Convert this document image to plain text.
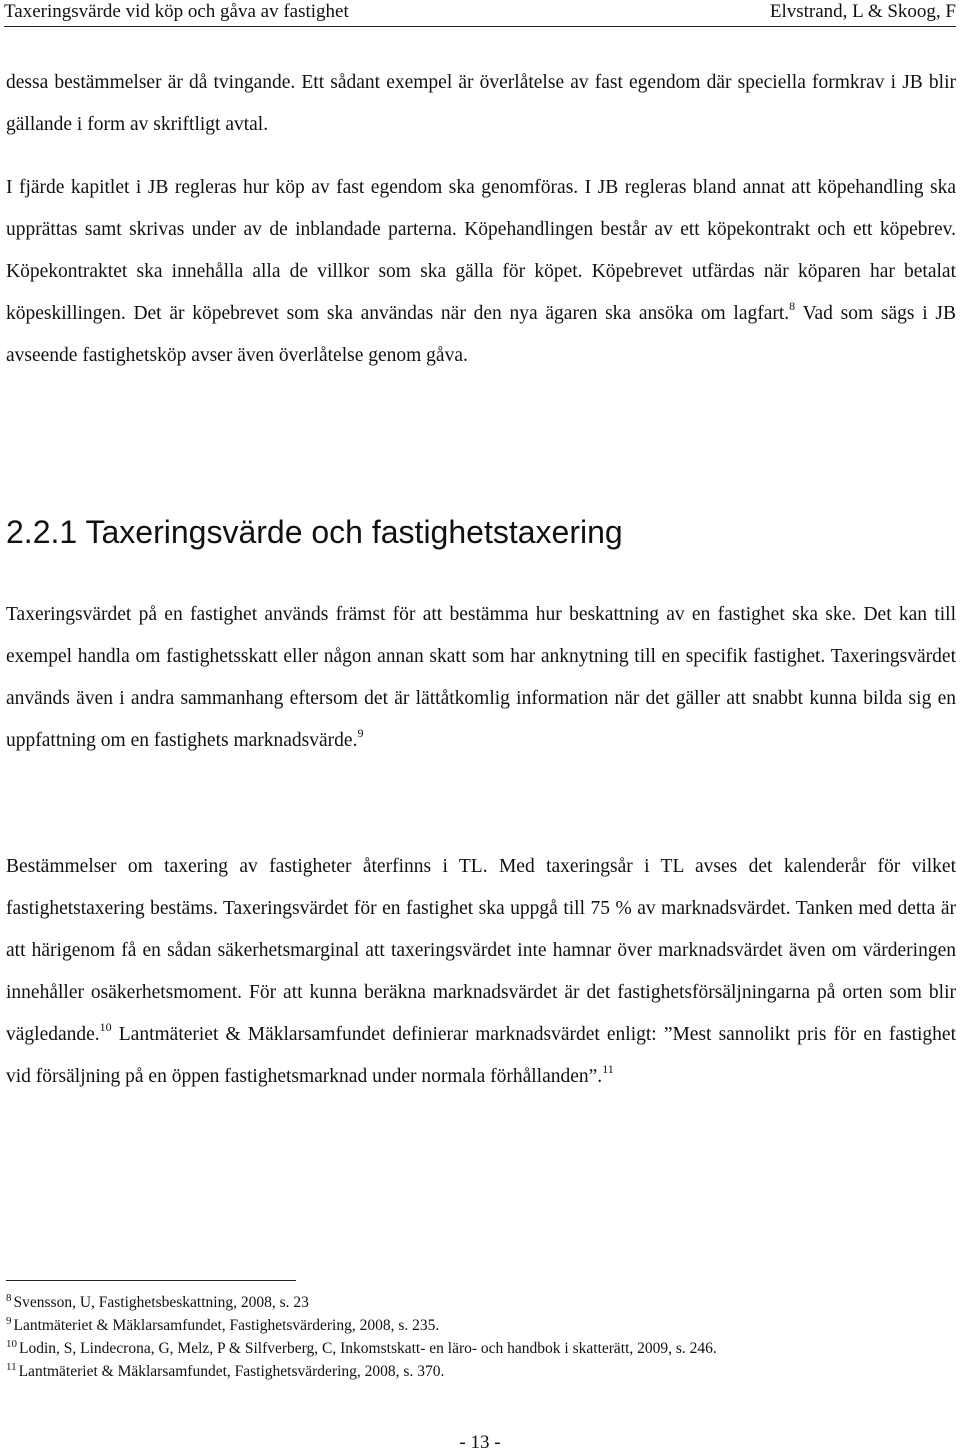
Taxeringsvärde vid köp och gåva av fastighet	Elvstrand, L & Skoog, F

dessa bestämmelser är då tvingande. Ett sådant exempel är överlåtelse av fast egendom där speciella formkrav i JB blir gällande i form av skriftligt avtal.

I fjärde kapitlet i JB regleras hur köp av fast egendom ska genomföras. I JB regleras bland annat att köpehandling ska upprättas samt skrivas under av de inblandade parterna. Köpehandlingen består av ett köpekontrakt och ett köpebrev. Köpekontraktet ska innehålla alla de villkor som ska gälla för köpet. Köpebrevet utfärdas när köparen har betalat köpeskillingen. Det är köpebrevet som ska användas när den nya ägaren ska ansöka om lagfart.$^8$ Vad som sägs i JB avseende fastighetsköp avser även överlåtelse genom gåva.

2.2.1 Taxeringsvärde och fastighetstaxering

Taxeringsvärdet på en fastighet används främst för att bestämma hur beskattning av en fastighet ska ske. Det kan till exempel handla om fastighetsskatt eller någon annan skatt som har anknytning till en specifik fastighet. Taxeringsvärdet används även i andra sammanhang eftersom det är lättåtkomlig information när det gäller att snabbt kunna bilda sig en uppfattning om en fastighets marknadsvärde.$^9$

Bestämmelser om taxering av fastigheter återfinns i TL. Med taxeringsår i TL avses det kalenderår för vilket fastighetstaxering bestäms. Taxeringsvärdet för en fastighet ska uppgå till 75 % av marknadsvärdet. Tanken med detta är att härigenom få en sådan säkerhetsmarginal att taxeringsvärdet inte hamnar över marknadsvärdet även om värderingen innehåller osäkerhetsmoment. För att kunna beräkna marknadsvärdet är det fastighetsförsäljningarna på orten som blir vägledande.$^{10}$ Lantmäteriet & Mäklarsamfundet definierar marknadsvärdet enligt: ”Mest sannolikt pris för en fastighet vid försäljning på en öppen fastighetsmarknad under normala förhållanden”.$^{11}$

$^8$ Svensson, U, Fastighetsbeskattning, 2008, s. 23
$^9$ Lantmäteriet & Mäklarsamfundet, Fastighetsvärdering, 2008, s. 235.
$^{10}$ Lodin, S, Lindecrona, G, Melz, P & Silfverberg, C, Inkomstskatt- en läro- och handbok i skatterätt, 2009, s. 246.
$^{11}$ Lantmäteriet & Mäklarsamfundet, Fastighetsvärdering, 2008, s. 370.
- 13 -
